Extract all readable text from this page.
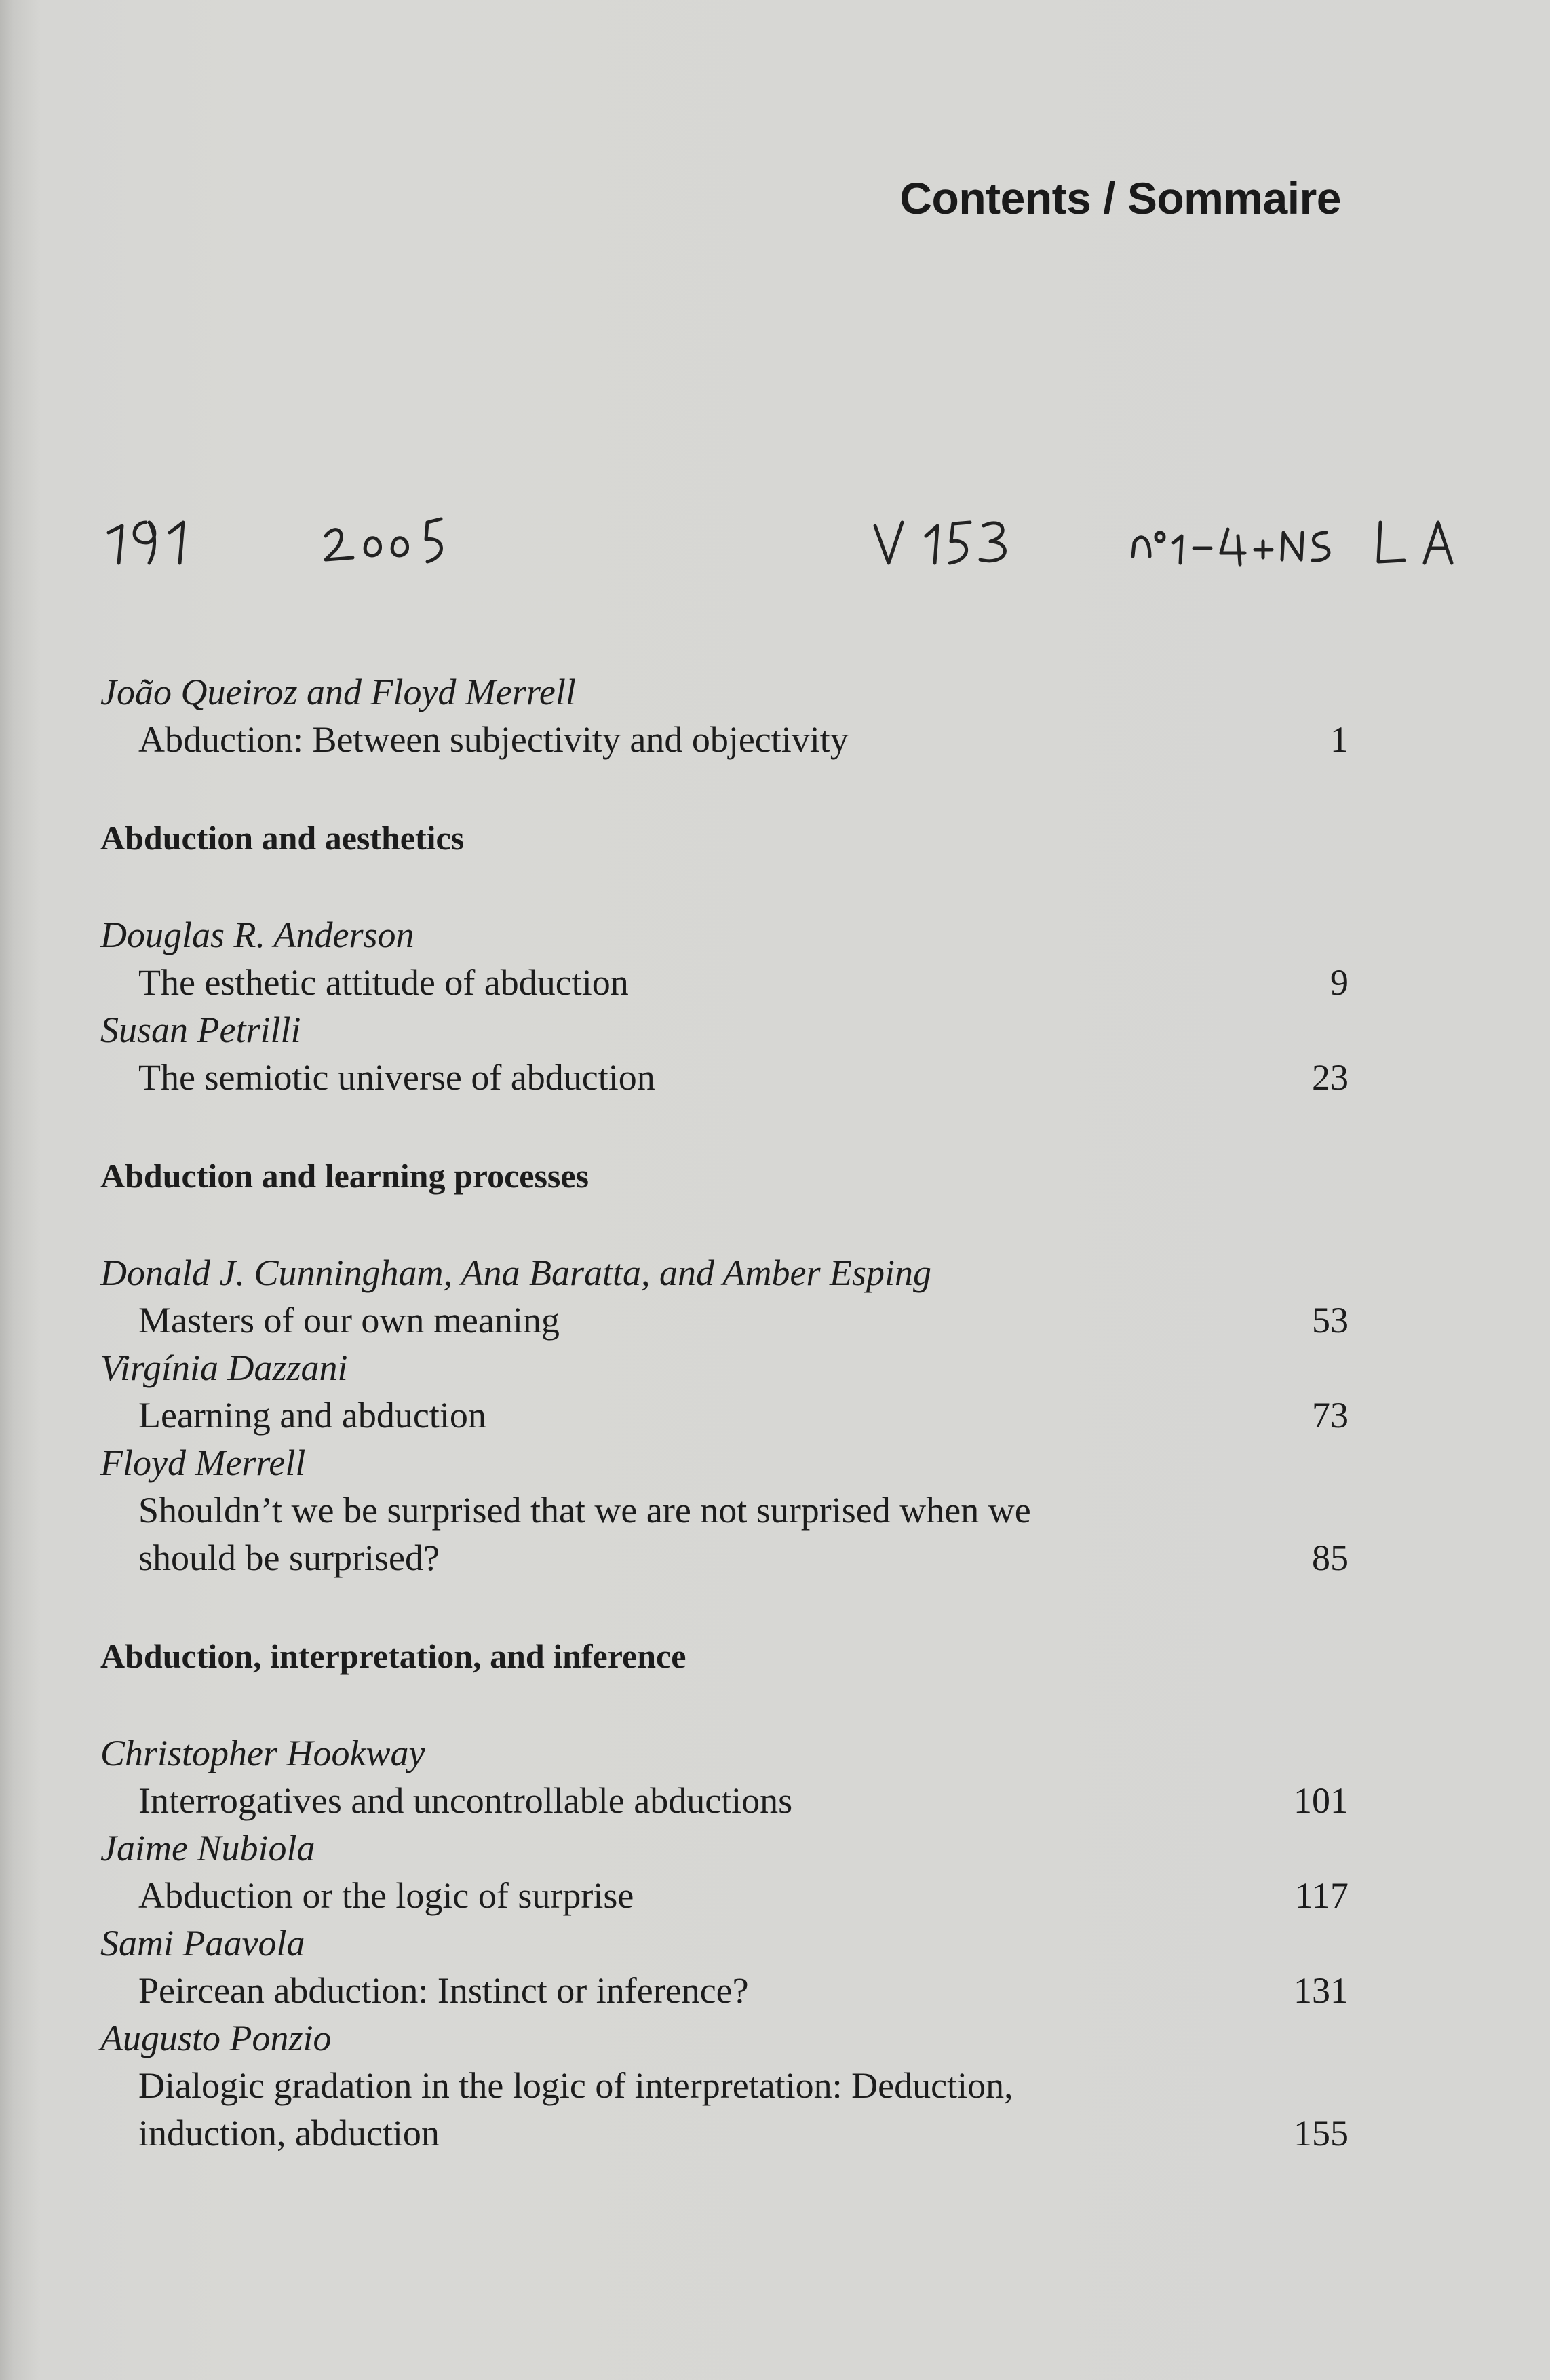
Contents / Sommaire
João Queiroz and Floyd Merrell
Abduction: Between subjectivity and objectivity	1
Abduction and aesthetics
Douglas R. Anderson
The esthetic attitude of abduction	9
Susan Petrilli
The semiotic universe of abduction	23
Abduction and learning processes
Donald J. Cunningham, Ana Baratta, and Amber Esping
Masters of our own meaning	53
Virgínia Dazzani
Learning and abduction	73
Floyd Merrell
Shouldn’t we be surprised that we are not surprised when we
should be surprised?	85
Abduction, interpretation, and inference
Christopher Hookway
Interrogatives and uncontrollable abductions	101
Jaime Nubiola
Abduction or the logic of surprise	117
Sami Paavola
Peircean abduction: Instinct or inference?	131
Augusto Ponzio
Dialogic gradation in the logic of interpretation: Deduction,
induction, abduction	155
